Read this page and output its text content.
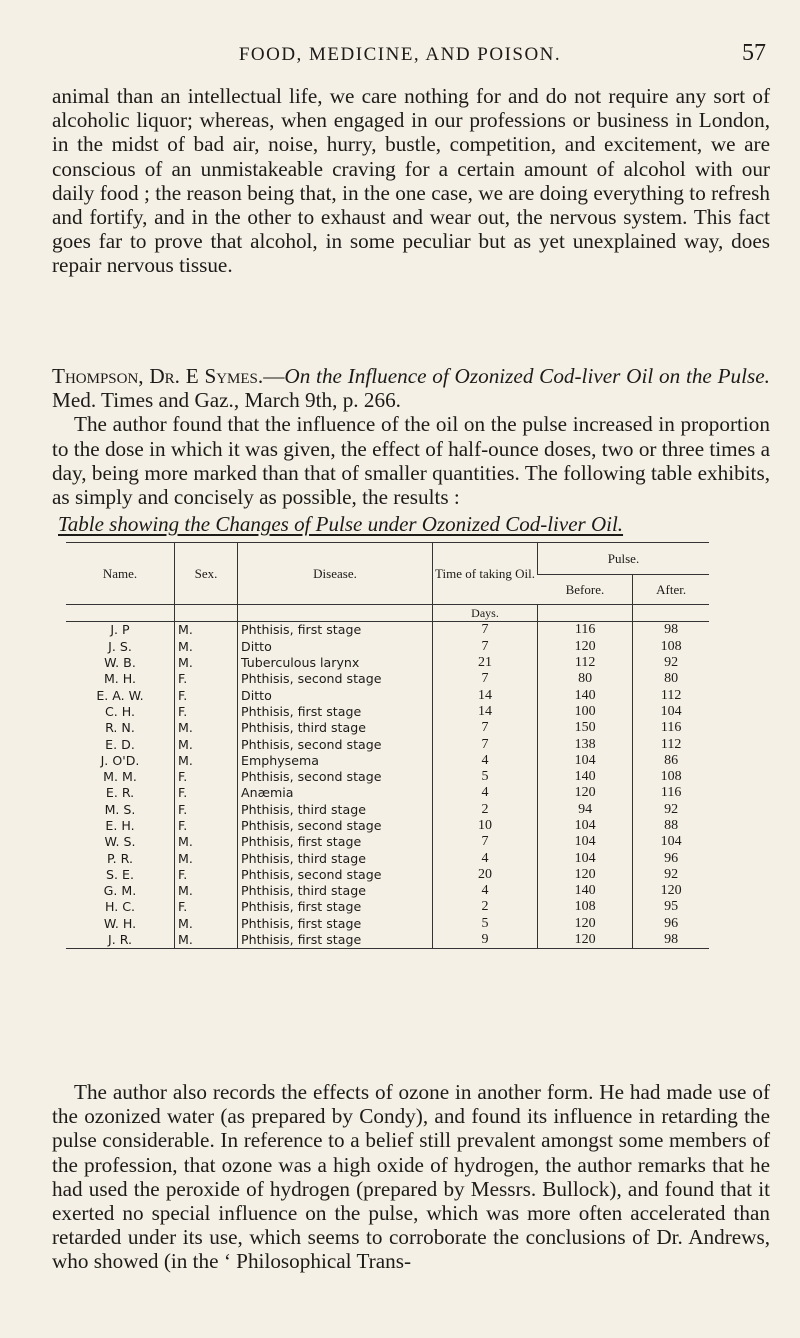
FOOD, MEDICINE, AND POISON.	57

animal than an intellectual life, we care nothing for and do not require any sort of alcoholic liquor; whereas, when engaged in our professions or business in London, in the midst of bad air, noise, hurry, bustle, competition, and excitement, we are conscious of an unmistakeable craving for a certain amount of alcohol with our daily food ; the reason being that, in the one case, we are doing everything to refresh and fortify, and in the other to exhaust and wear out, the nervous system. This fact goes far to prove that alcohol, in some peculiar but as yet unexplained way, does repair nervous tissue.

Thompson, Dr. E Symes.—On the Influence of Ozonized Cod-liver Oil on the Pulse. Med. Times and Gaz., March 9th, p. 266.

The author found that the influence of the oil on the pulse increased in proportion to the dose in which it was given, the effect of half-ounce doses, two or three times a day, being more marked than that of smaller quantities. The following table exhibits, as simply and concisely as possible, the results :

Table showing the Changes of Pulse under Ozonized Cod-liver Oil.
Name.	Sex.	Disease.	Time of taking Oil.	Pulse.	
				Before.	After.
			Days.		
J. P	M.	Phthisis, first stage	7	116	98
J. S.	M.	Ditto	7	120	108
W. B.	M.	Tuberculous larynx	21	112	92
M. H.	F.	Phthisis, second stage	7	80	80
E. A. W.	F.	Ditto	14	140	112
C. H.	F.	Phthisis, first stage	14	100	104
R. N.	M.	Phthisis, third stage	7	150	116
E. D.	M.	Phthisis, second stage	7	138	112
J. O'D.	M.	Emphysema	4	104	86
M. M.	F.	Phthisis, second stage	5	140	108
E. R.	F.	Anæmia	4	120	116
M. S.	F.	Phthisis, third stage	2	94	92
E. H.	F.	Phthisis, second stage	10	104	88
W. S.	M.	Phthisis, first stage	7	104	104
P. R.	M.	Phthisis, third stage	4	104	96
S. E.	F.	Phthisis, second stage	20	120	92
G. M.	M.	Phthisis, third stage	4	140	120
H. C.	F.	Phthisis, first stage	2	108	95
W. H.	M.	Phthisis, first stage	5	120	96
J. R.	M.	Phthisis, first stage	9	120	98

The author also records the effects of ozone in another form. He had made use of the ozonized water (as prepared by Condy), and found its influence in retarding the pulse considerable. In reference to a belief still prevalent amongst some members of the profession, that ozone was a high oxide of hydrogen, the author remarks that he had used the peroxide of hydrogen (prepared by Messrs. Bullock), and found that it exerted no special influence on the pulse, which was more often accelerated than retarded under its use, which seems to corroborate the conclusions of Dr. Andrews, who showed (in the ‘ Philosophical Trans-
